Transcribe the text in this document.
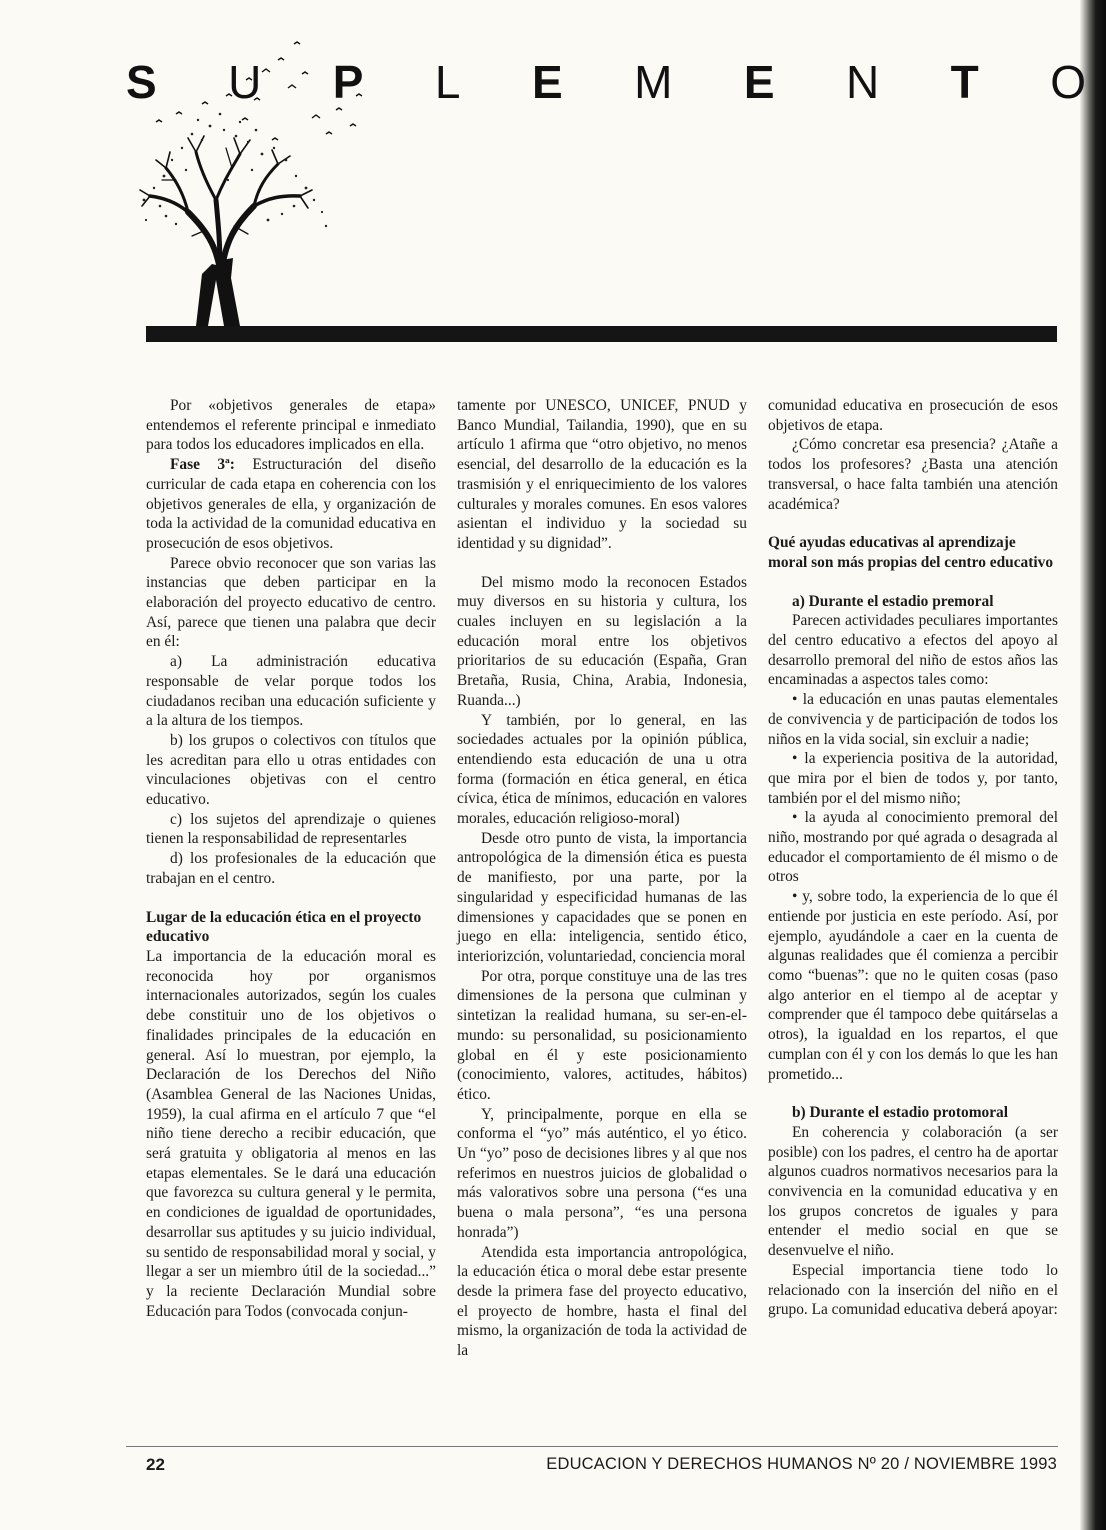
S U P L E M E N T O

Por «objetivos generales de etapa» entendemos el referente principal e inmediato para todos los educadores implicados en ella.

Fase 3ª: Estructuración del diseño curricular de cada etapa en coherencia con los objetivos generales de ella, y organización de toda la actividad de la comunidad educativa en prosecución de esos objetivos.

Parece obvio reconocer que son varias las instancias que deben participar en la elaboración del proyecto educativo de centro. Así, parece que tienen una palabra que decir en él:

a) La administración educativa responsable de velar porque todos los ciudadanos reciban una educación suficiente y a la altura de los tiempos.

b) los grupos o colectivos con títulos que les acreditan para ello u otras entidades con vinculaciones objetivas con el centro educativo.

c) los sujetos del aprendizaje o quienes tienen la responsabilidad de representarles

d) los profesionales de la educación que trabajan en el centro.

Lugar de la educación ética en el proyecto educativo

La importancia de la educación moral es reconocida hoy por organismos internacionales autorizados, según los cuales debe constituir uno de los objetivos o finalidades principales de la educación en general. Así lo muestran, por ejemplo, la Declaración de los Derechos del Niño (Asamblea General de las Naciones Unidas, 1959), la cual afirma en el artículo 7 que “el niño tiene derecho a recibir educación, que será gratuita y obligatoria al menos en las etapas elementales. Se le dará una educación que favorezca su cultura general y le permita, en condiciones de igualdad de oportunidades, desarrollar sus aptitudes y su juicio individual, su sentido de responsabilidad moral y social, y llegar a ser un miembro útil de la sociedad...” y la reciente Declaración Mundial sobre Educación para Todos (convocada conjun-

tamente por UNESCO, UNICEF, PNUD y Banco Mundial, Tailandia, 1990), que en su artículo 1 afirma que “otro objetivo, no menos esencial, del desarrollo de la educación es la trasmisión y el enriquecimiento de los valores culturales y morales comunes. En esos valores asientan el individuo y la sociedad su identidad y su dignidad”.

Del mismo modo la reconocen Estados muy diversos en su historia y cultura, los cuales incluyen en su legislación a la educación moral entre los objetivos prioritarios de su educación (España, Gran Bretaña, Rusia, China, Arabia, Indonesia, Ruanda...)

Y también, por lo general, en las sociedades actuales por la opinión pública, entendiendo esta educación de una u otra forma (formación en ética general, en ética cívica, ética de mínimos, educación en valores morales, educación religioso-moral)

Desde otro punto de vista, la importancia antropológica de la dimensión ética es puesta de manifiesto, por una parte, por la singularidad y especificidad humanas de las dimensiones y capacidades que se ponen en juego en ella: inteligencia, sentido ético, interiorizción, voluntariedad, conciencia moral

Por otra, porque constituye una de las tres dimensiones de la persona que culminan y sintetizan la realidad humana, su ser-en-el-mundo: su personalidad, su posicionamiento global en él y este posicionamiento (conocimiento, valores, actitudes, hábitos) ético.

Y, principalmente, porque en ella se conforma el “yo” más auténtico, el yo ético. Un “yo” poso de decisiones libres y al que nos referimos en nuestros juicios de globalidad o más valorativos sobre una persona (“es una buena o mala persona”, “es una persona honrada”)

Atendida esta importancia antropológica, la educación ética o moral debe estar presente desde la primera fase del proyecto educativo, el proyecto de hombre, hasta el final del mismo, la organización de toda la actividad de la

comunidad educativa en prosecución de esos objetivos de etapa.

¿Cómo concretar esa presencia? ¿Atañe a todos los profesores? ¿Basta una atención transversal, o hace falta también una atención académica?

Qué ayudas educativas al aprendizaje moral son más propias del centro educativo
a) Durante el estadio premoral

Parecen actividades peculiares importantes del centro educativo a efectos del apoyo al desarrollo premoral del niño de estos años las encaminadas a aspectos tales como:

• la educación en unas pautas elementales de convivencia y de participación de todos los niños en la vida social, sin excluir a nadie;

• la experiencia positiva de la autoridad, que mira por el bien de todos y, por tanto, también por el del mismo niño;

• la ayuda al conocimiento premoral del niño, mostrando por qué agrada o desagrada al educador el comportamiento de él mismo o de otros

• y, sobre todo, la experiencia de lo que él entiende por justicia en este período. Así, por ejemplo, ayudándole a caer en la cuenta de algunas realidades que él comienza a percibir como “buenas”: que no le quiten cosas (paso algo anterior en el tiempo al de aceptar y comprender que él tampoco debe quitárselas a otros), la igualdad en los repartos, el que cumplan con él y con los demás lo que les han prometido...

b) Durante el estadio protomoral

En coherencia y colaboración (a ser posible) con los padres, el centro ha de aportar algunos cuadros normativos necesarios para la convivencia en la comunidad educativa y en los grupos concretos de iguales y para entender el medio social en que se desenvuelve el niño.

Especial importancia tiene todo lo relacionado con la inserción del niño en el grupo. La comunidad educativa deberá apoyar:

22	EDUCACION Y DERECHOS HUMANOS Nº 20 / NOVIEMBRE 1993
